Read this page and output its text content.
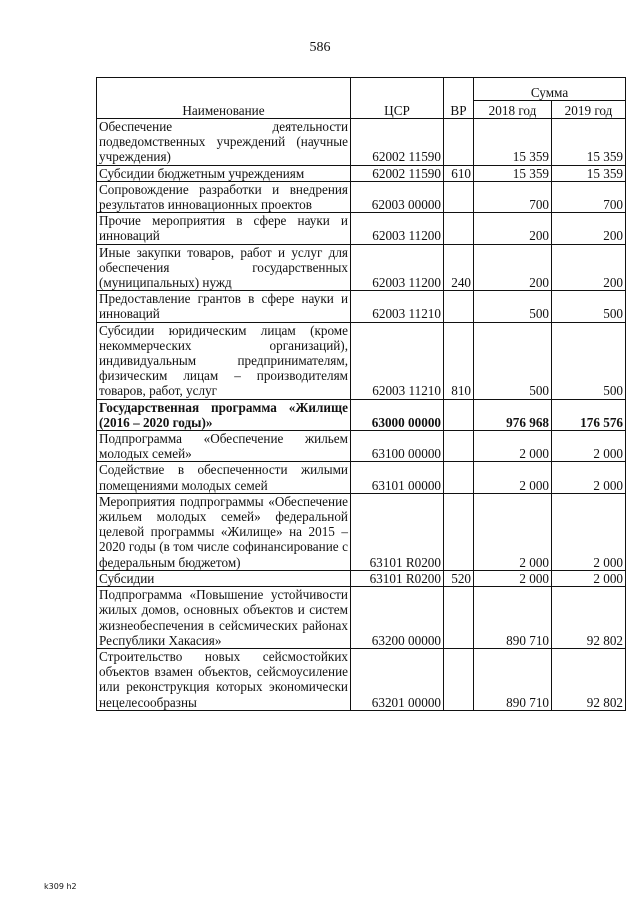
586
Наименование	ЦСР	ВР	Сумма	
			2018 год	2019 год
Обеспечение деятельности подведомственных учреждений (научные учреждения)	62002 11590		15 359	15 359
Субсидии бюджетным учреждениям	62002 11590	610	15 359	15 359
Сопровождение разработки и внедрения результатов инновационных проектов	62003 00000		700	700
Прочие мероприятия в сфере науки и инноваций	62003 11200		200	200
Иные закупки товаров, работ и услуг для обеспечения государственных (муниципальных) нужд	62003 11200	240	200	200
Предоставление грантов в сфере науки и инноваций	62003 11210		500	500
Субсидии юридическим лицам (кроме некоммерческих организаций), индивидуальным предпринимателям, физическим лицам – производителям товаров, работ, услуг	62003 11210	810	500	500
Государственная программа «Жилище (2016 – 2020 годы)»	63000 00000		976 968	176 576
Подпрограмма «Обеспечение жильем молодых семей»	63100 00000		2 000	2 000
Содействие в обеспеченности жилыми помещениями молодых семей	63101 00000		2 000	2 000
Мероприятия подпрограммы «Обеспечение жильем молодых семей» федеральной целевой программы «Жилище» на 2015 – 2020 годы (в том числе софинансирование с федеральным бюджетом)	63101 R0200		2 000	2 000
Субсидии	63101 R0200	520	2 000	2 000
Подпрограмма «Повышение устойчивости жилых домов, основных объектов и систем жизнеобеспечения в сейсмических районах Республики Хакасия»	63200 00000		890 710	92 802
Строительство новых сейсмостойких объектов взамен объектов, сейсмоусиление или реконструкция которых экономически нецелесообразны	63201 00000		890 710	92 802
k309 h2
